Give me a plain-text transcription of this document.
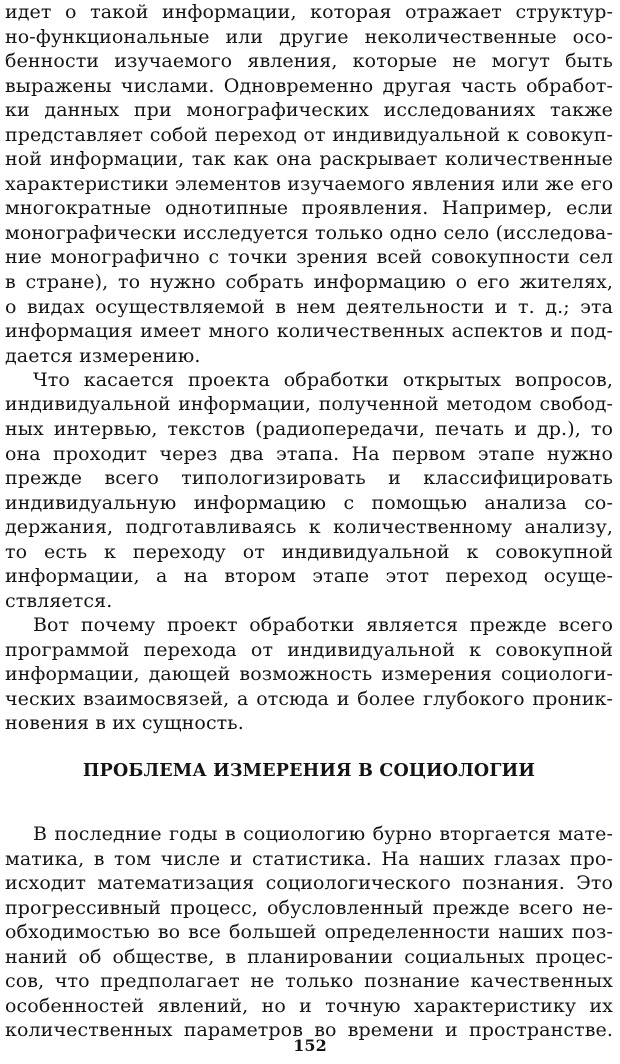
идет о такой информации, которая отражает структур-
но-функциональные или другие неколичественные осо-
бенности изучаемого явления, которые не могут быть
выражены числами. Одновременно другая часть обработ-
ки данных при монографических исследованиях также
представляет собой переход от индивидуальной к совокуп-
ной информации, так как она раскрывает количественные
характеристики элементов изучаемого явления или же его
многократные однотипные проявления. Например, если
монографически исследуется только одно село (исследова-
ние монографично с точки зрения всей совокупности сел
в стране), то нужно собрать информацию о его жителях,
о видах осуществляемой в нем деятельности и т. д.; эта
информация имеет много количественных аспектов и под-
дается измерению.
Что касается проекта обработки открытых вопросов,
индивидуальной информации, полученной методом свобод-
ных интервью, текстов (радиопередачи, печать и др.), то
она проходит через два этапа. На первом этапе нужно
прежде всего типологизировать и классифицировать
индивидуальную информацию с помощью анализа со-
держания, подготавливаясь к количественному анализу,
то есть к переходу от индивидуальной к совокупной
информации, а на втором этапе этот переход осуще-
ствляется.
Вот почему проект обработки является прежде всего
программой перехода от индивидуальной к совокупной
информации, дающей возможность измерения социологи-
ческих взаимосвязей, а отсюда и более глубокого проник-
новения в их сущность.
ПРОБЛЕМА ИЗМЕРЕНИЯ В СОЦИОЛОГИИ
В последние годы в социологию бурно вторгается мате-
матика, в том числе и статистика. На наших глазах про-
исходит математизация социологического познания. Это
прогрессивный процесс, обусловленный прежде всего не-
обходимостью во все большей определенности наших поз-
наний об обществе, в планировании социальных процес-
сов, что предполагает не только познание качественных
особенностей явлений, но и точную характеристику их
количественных параметров во времени и пространстве.
152
